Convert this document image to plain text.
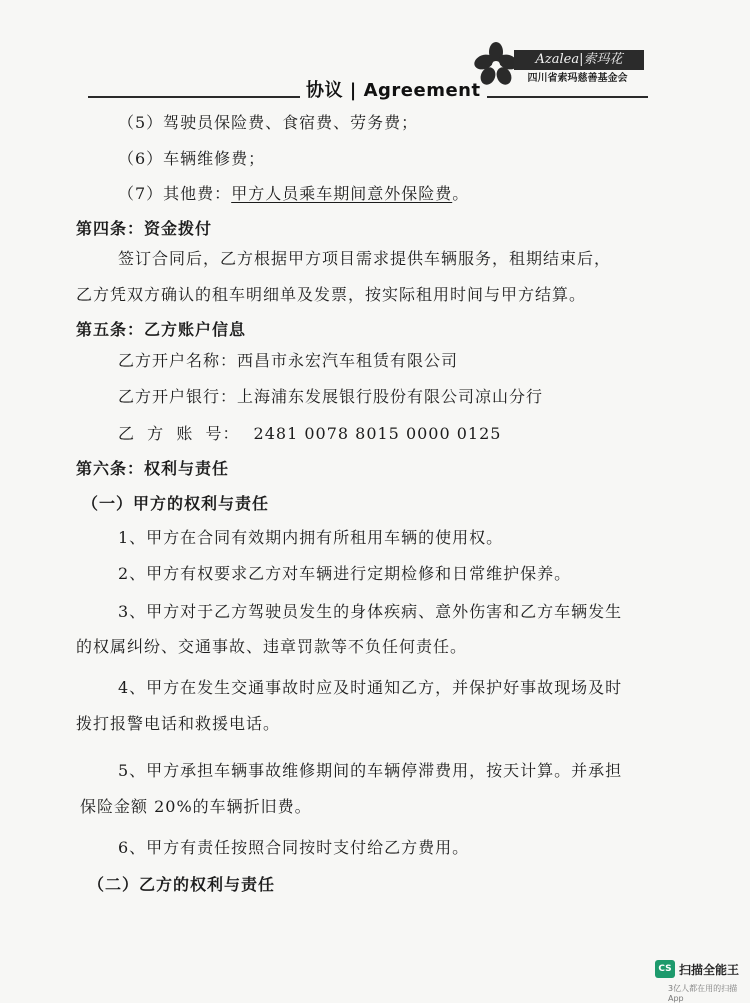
协议 | Agreement
Azalea|索玛花
四川省索玛慈善基金会
（5）驾驶员保险费、食宿费、劳务费；
（6）车辆维修费；
（7）其他费：甲方人员乘车期间意外保险费。
第四条：资金拨付
签订合同后，乙方根据甲方项目需求提供车辆服务，租期结束后，
乙方凭双方确认的租车明细单及发票，按实际租用时间与甲方结算。
第五条：乙方账户信息
乙方开户名称：西昌市永宏汽车租赁有限公司
乙方开户银行：上海浦东发展银行股份有限公司凉山分行
乙  方  账  号： 2481 0078 8015 0000 0125
第六条：权利与责任
（一）甲方的权利与责任
1、甲方在合同有效期内拥有所租用车辆的使用权。
2、甲方有权要求乙方对车辆进行定期检修和日常维护保养。
3、甲方对于乙方驾驶员发生的身体疾病、意外伤害和乙方车辆发生
的权属纠纷、交通事故、违章罚款等不负任何责任。
4、甲方在发生交通事故时应及时通知乙方，并保护好事故现场及时
拨打报警电话和救援电话。
5、甲方承担车辆事故维修期间的车辆停滞费用，按天计算。并承担
保险金额 20%的车辆折旧费。
6、甲方有责任按照合同按时支付给乙方费用。
（二）乙方的权利与责任
CS 扫描全能王
3亿人都在用的扫描App
